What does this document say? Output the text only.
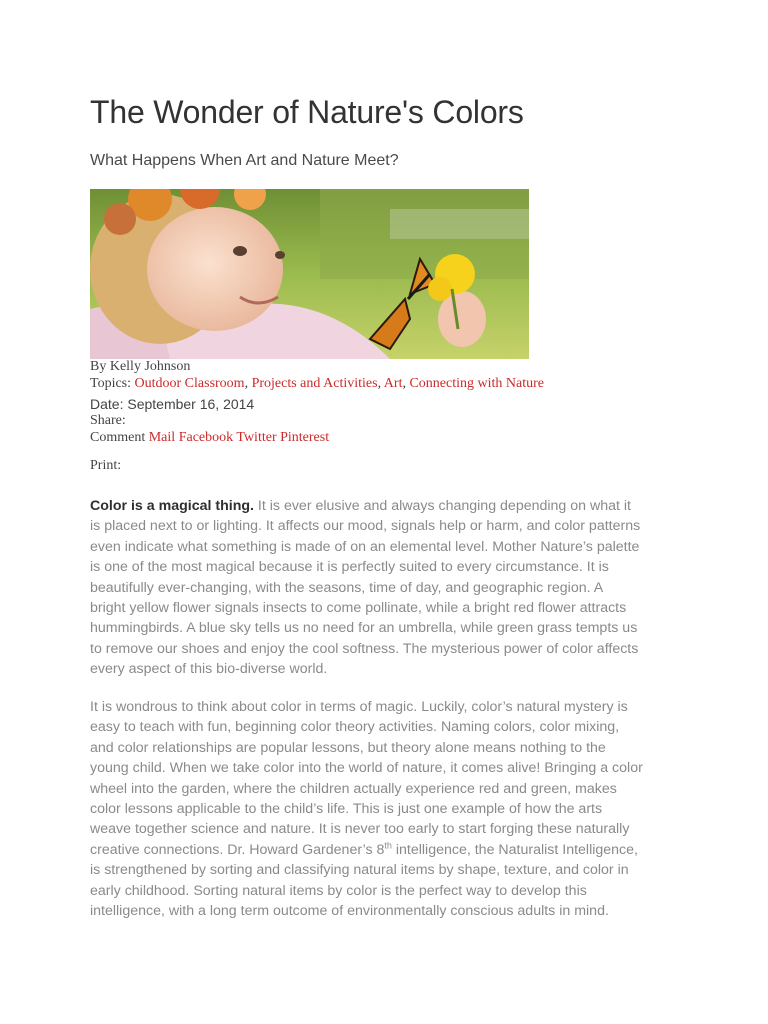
The Wonder of Nature's Colors
What Happens When Art and Nature Meet?
By Kelly Johnson
Topics: Outdoor Classroom, Projects and Activities, Art, Connecting with Nature
Date: September 16, 2014
Share:
Comment Mail Facebook Twitter Pinterest
Print:

Color is a magical thing. It is ever elusive and always changing depending on what it
is placed next to or lighting. It affects our mood, signals help or harm, and color patterns
even indicate what something is made of on an elemental level. Mother Nature’s palette
is one of the most magical because it is perfectly suited to every circumstance. It is
beautifully ever-changing, with the seasons, time of day, and geographic region. A
bright yellow flower signals insects to come pollinate, while a bright red flower attracts
hummingbirds. A blue sky tells us no need for an umbrella, while green grass tempts us
to remove our shoes and enjoy the cool softness. The mysterious power of color affects
every aspect of this bio-diverse world.

It is wondrous to think about color in terms of magic. Luckily, color’s natural mystery is
easy to teach with fun, beginning color theory activities. Naming colors, color mixing,
and color relationships are popular lessons, but theory alone means nothing to the
young child. When we take color into the world of nature, it comes alive! Bringing a color
wheel into the garden, where the children actually experience red and green, makes
color lessons applicable to the child’s life. This is just one example of how the arts
weave together science and nature. It is never too early to start forging these naturally
creative connections. Dr. Howard Gardener’s 8th intelligence, the Naturalist Intelligence,
is strengthened by sorting and classifying natural items by shape, texture, and color in
early childhood. Sorting natural items by color is the perfect way to develop this
intelligence, with a long term outcome of environmentally conscious adults in mind.
